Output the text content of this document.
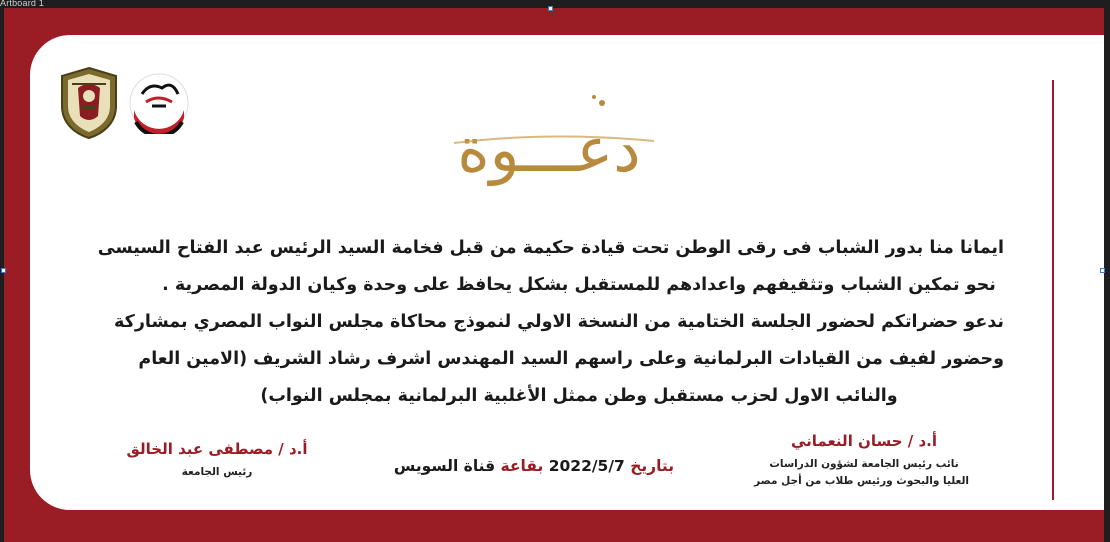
Artboard 1
دعـــوة
ايمانا منا بدور الشباب فى رقى الوطن تحت قيادة حكيمة من قبل فخامة السيد الرئيس عبد الفتاح السيسى
نحو تمكين الشباب وتثقيفهم واعدادهم للمستقبل بشكل يحافظ على وحدة وكيان الدولة المصرية .
ندعو حضراتكم لحضور الجلسة الختامية من النسخة الاولي لنموذج محاكاة مجلس النواب المصري بمشاركة
وحضور لفيف من القيادات البرلمانية وعلى راسهم السيد المهندس اشرف رشاد الشريف (الامين العام
والنائب الاول لحزب مستقبل وطن ممثل الأغلبية البرلمانية بمجلس النواب)
أ.د / حسان النعماني
نائب رئيس الجامعة لشؤون الدراسات
العليا والبحوث ورئيس طلاب من أجل مصر
بتاريخ 2022/5/7 بقاعة قناة السويس
أ.د / مصطفى عبد الخالق
رئيس الجامعة
